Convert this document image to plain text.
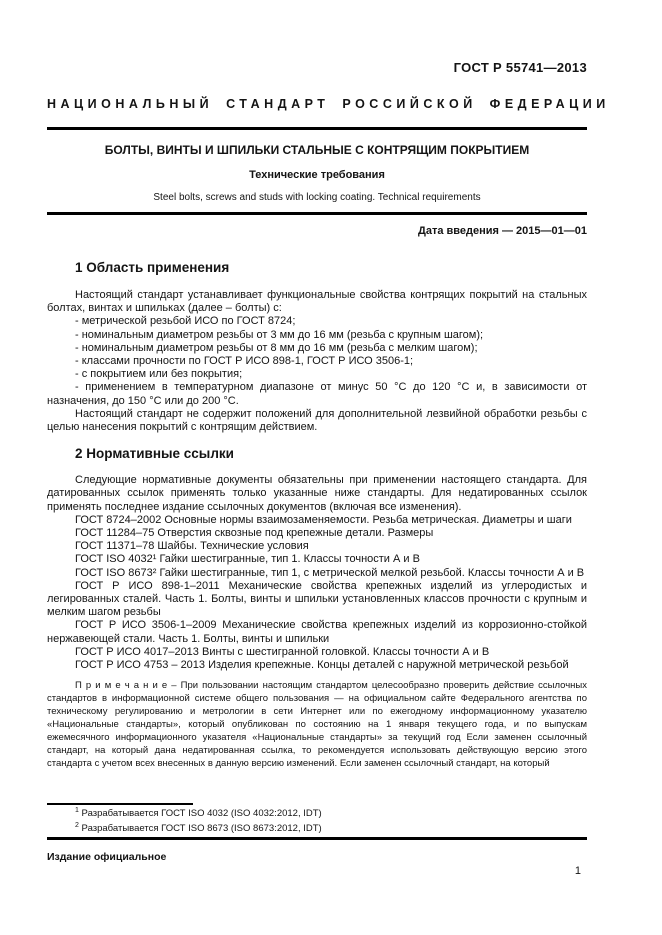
ГОСТ Р 55741—2013
НАЦИОНАЛЬНЫЙ СТАНДАРТ РОССИЙСКОЙ ФЕДЕРАЦИИ
БОЛТЫ, ВИНТЫ И ШПИЛЬКИ СТАЛЬНЫЕ С КОНТРЯЩИМ ПОКРЫТИЕМ
Технические требования
Steel bolts, screws and studs with locking coating. Technical requirements
Дата введения — 2015—01—01
1 Область применения

Настоящий стандарт устанавливает функциональные свойства контрящих покрытий на стальных болтах, винтах и шпильках (далее – болты) с:

- метрической резьбой ИСО по ГОСТ 8724;

- номинальным диаметром резьбы от 3 мм до 16 мм (резьба с крупным шагом);

- номинальным диаметром резьбы от 8 мм до 16 мм (резьба с мелким шагом);

- классами прочности по ГОСТ Р ИСО 898-1, ГОСТ Р ИСО 3506-1;

- с покрытием или без покрытия;

- применением в температурном диапазоне от минус 50 °С до 120 °С и, в зависимости от назначения, до 150 °С или до 200 °С.

Настоящий стандарт не содержит положений для дополнительной лезвийной обработки резьбы с целью нанесения покрытий с контрящим действием.

2 Нормативные ссылки

Следующие нормативные документы обязательны при применении настоящего стандарта. Для датированных ссылок применять только указанные ниже стандарты. Для недатированных ссылок применять последнее издание ссылочных документов (включая все изменения).

ГОСТ 8724–2002 Основные нормы взаимозаменяемости. Резьба метрическая. Диаметры и шаги

ГОСТ 11284–75 Отверстия сквозные под крепежные детали. Размеры

ГОСТ 11371–78 Шайбы. Технические условия

ГОСТ ISO 4032¹ Гайки шестигранные, тип 1. Классы точности А и В

ГОСТ ISO 8673² Гайки шестигранные, тип 1, с метрической мелкой резьбой. Классы точности А и В

ГОСТ Р ИСО 898-1–2011 Механические свойства крепежных изделий из углеродистых и легированных сталей. Часть 1. Болты, винты и шпильки установленных классов прочности с крупным и мелким шагом резьбы

ГОСТ Р ИСО 3506-1–2009 Механические свойства крепежных изделий из коррозионно-стойкой нержавеющей стали. Часть 1. Болты, винты и шпильки

ГОСТ Р ИСО 4017–2013 Винты с шестигранной головкой. Классы точности А и В

ГОСТ Р ИСО 4753 – 2013 Изделия крепежные. Концы деталей с наружной метрической резьбой

П р и м е ч а н и е – При пользовании настоящим стандартом целесообразно проверить действие ссылочных стандартов в информационной системе общего пользования — на официальном сайте Федерального агентства по техническому регулированию и метрологии в сети Интернет или по ежегодному информационному указателю «Национальные стандарты», который опубликован по состоянию на 1 января текущего года, и по выпускам ежемесячного информационного указателя «Национальные стандарты» за текущий год Если заменен ссылочный стандарт, на который дана недатированная ссылка, то рекомендуется использовать действующую версию этого стандарта с учетом всех внесенных в данную версию изменений. Если заменен ссылочный стандарт, на который

$^1$ Разрабатывается ГОСТ ISO 4032 (ISO 4032:2012, IDT)

$^2$ Разрабатывается ГОСТ ISO 8673 (ISO 8673:2012, IDT)

Издание официальное
1
